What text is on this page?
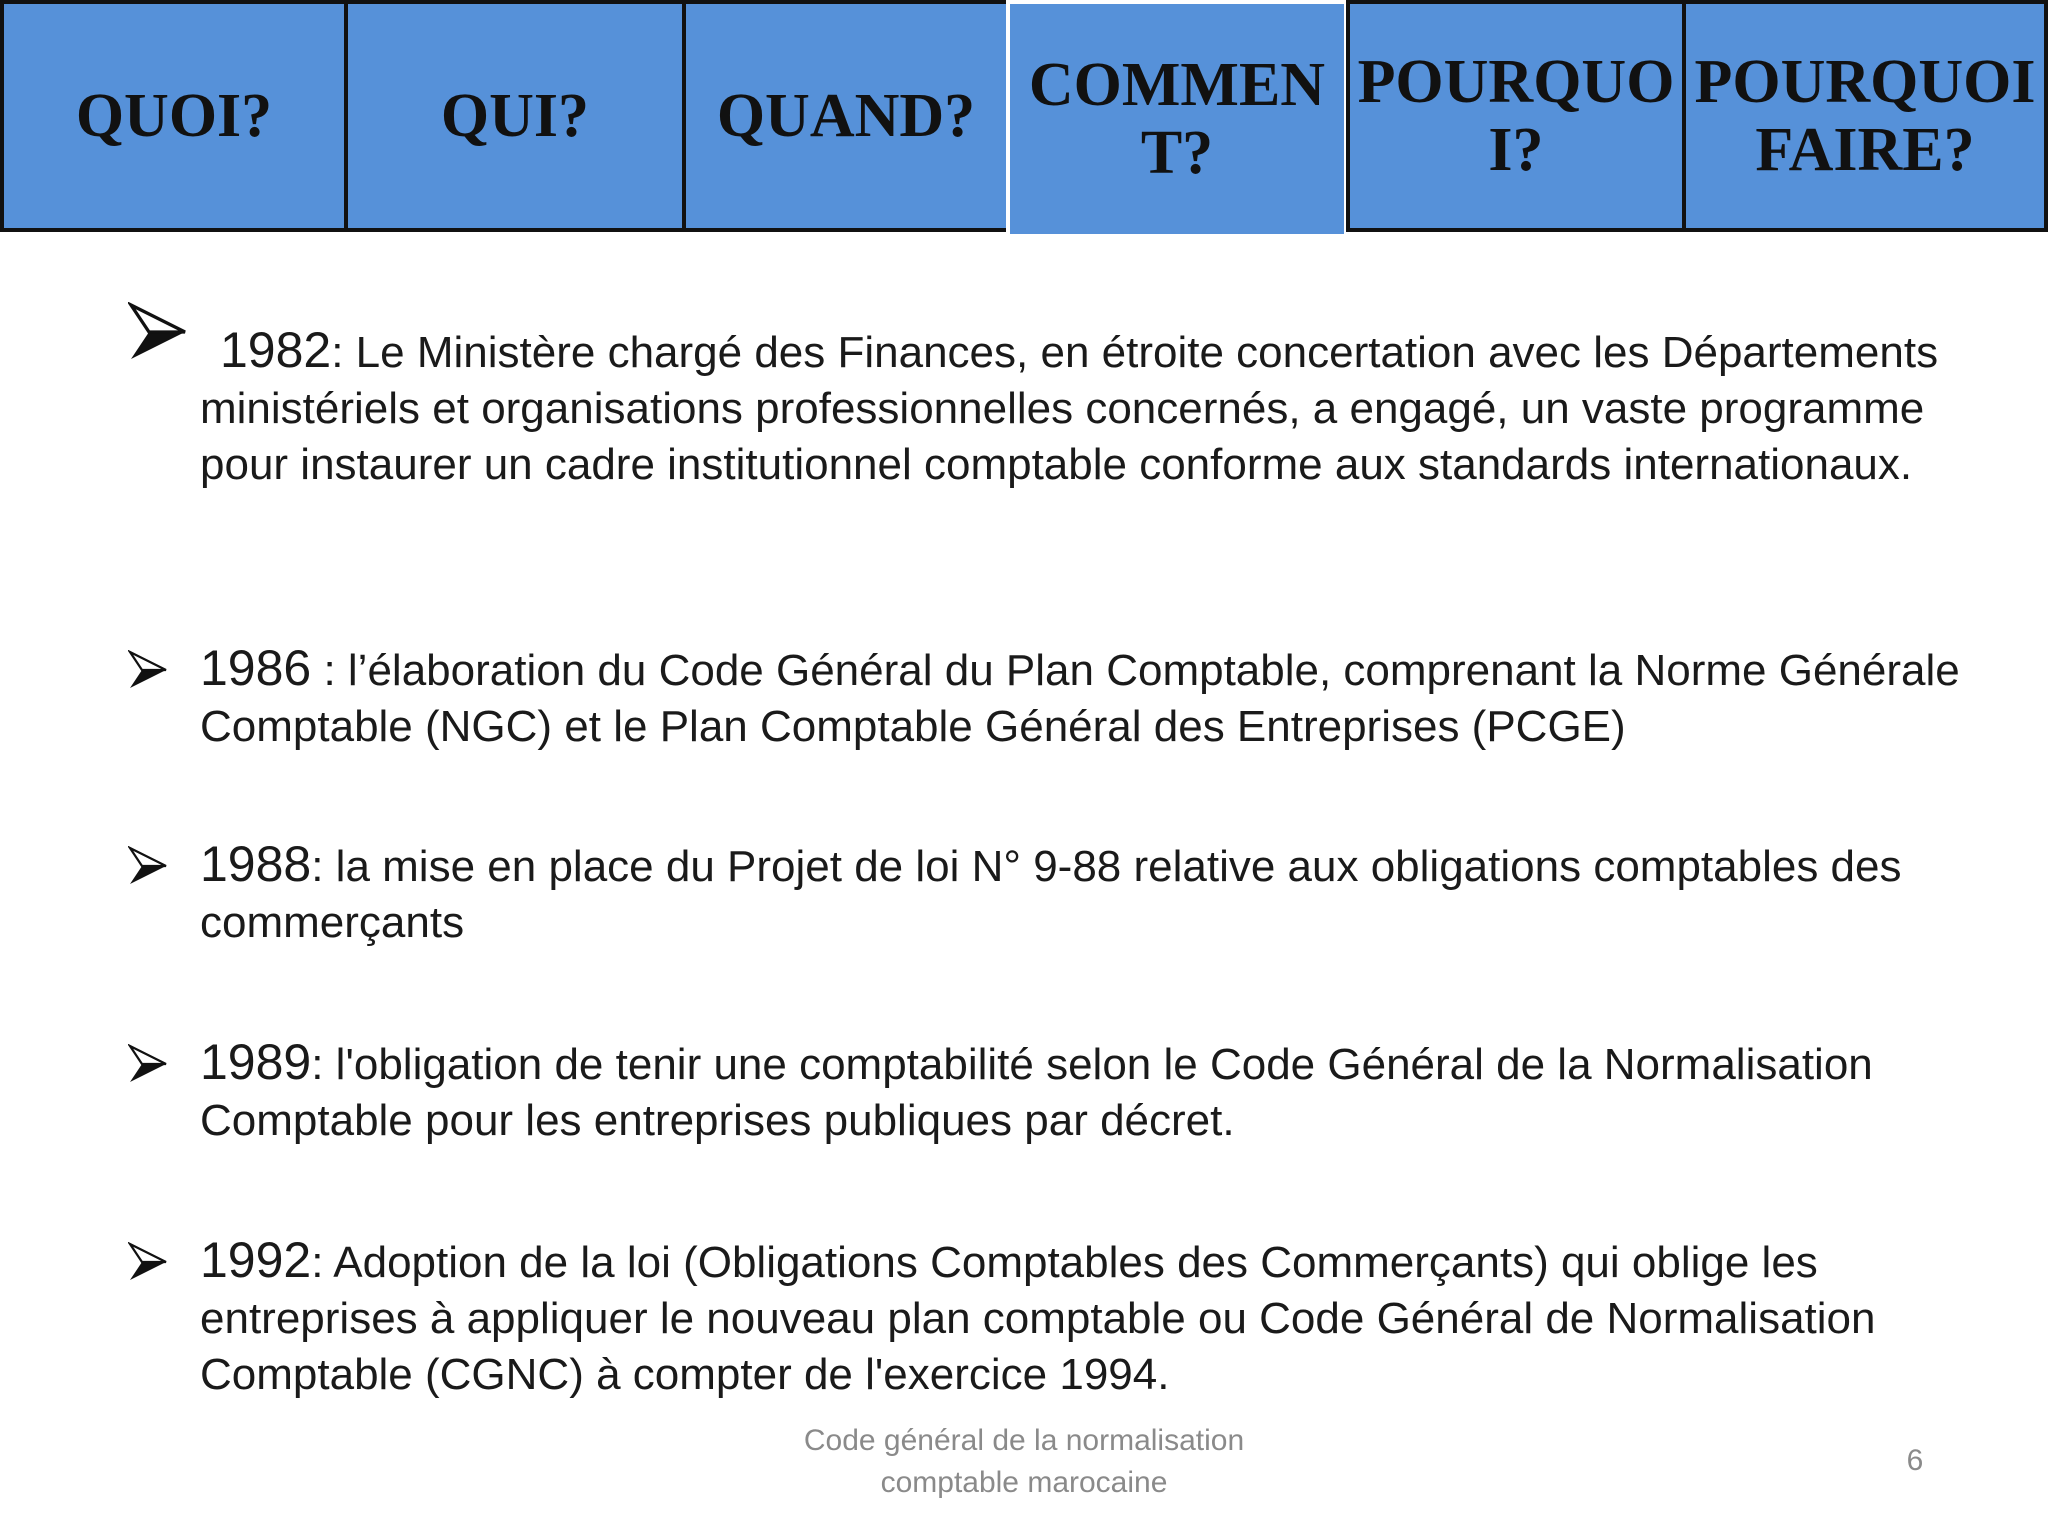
QUOI?	QUI?	QUAND? COMMENT?
POURQUOI?
POURQUOI FAIRE?
1982: Le Ministère chargé des Finances, en étroite concertation avec les Départements ministériels et organisations professionnelles concernés, a engagé, un vaste programme pour instaurer un cadre institutionnel comptable conforme aux standards internationaux.
1986 : l’élaboration du Code Général du Plan Comptable, comprenant la Norme Générale Comptable (NGC) et le Plan Comptable Général des Entreprises (PCGE)
1988: la mise en place du Projet de loi N° 9-88 relative aux obligations comptables des commerçants
1989: l'obligation de tenir une comptabilité selon le Code Général de la Normalisation Comptable pour les entreprises publiques par décret.
1992: Adoption de la loi (Obligations Comptables des Commerçants) qui oblige les entreprises à appliquer le nouveau plan comptable ou Code Général de Normalisation Comptable (CGNC) à compter de l'exercice 1994.
Code général de la normalisation
comptable marocaine
6
